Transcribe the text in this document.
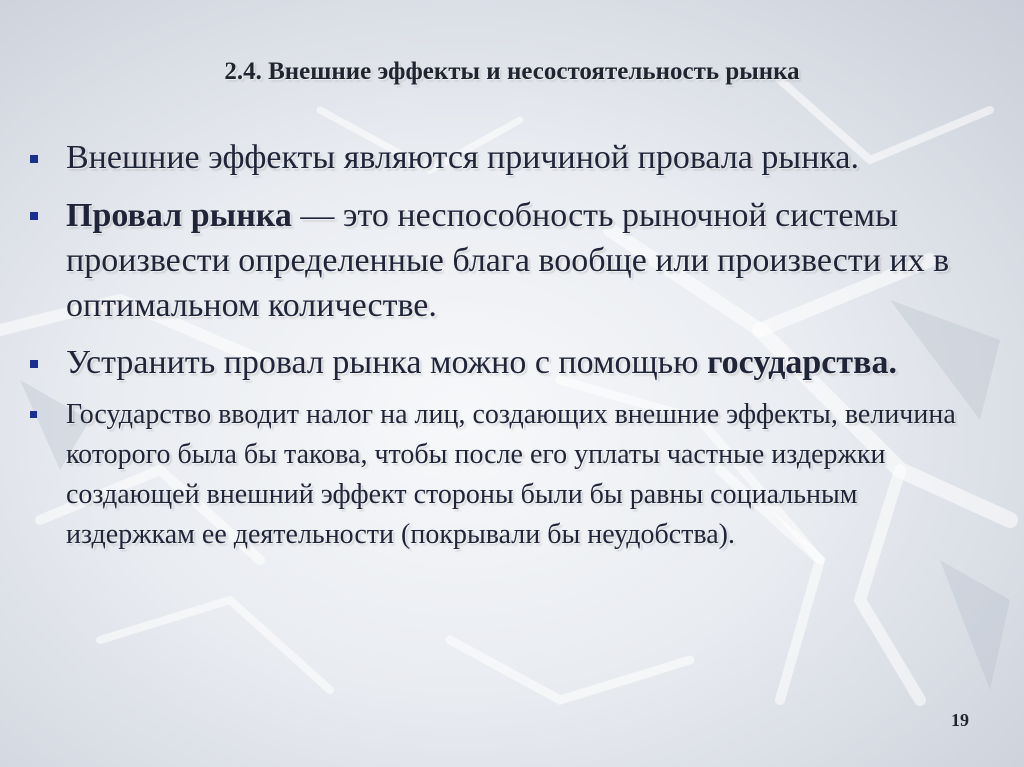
2.4. Внешние эффекты и несостоятельность рынка
Внешние эффекты являются причиной провала рынка.
Провал рынка — это неспособность рыночной системы произвести определенные блага вообще или произвести их в оптимальном количестве.
Устранить провал рынка можно с помощью государства.
Государство вводит налог на лиц, создающих внешние эффекты, величина которого была бы такова, чтобы после его уплаты частные издержки создающей внешний эффект стороны были бы равны социальным издержкам ее деятельности (покрывали бы неудобства).
19
